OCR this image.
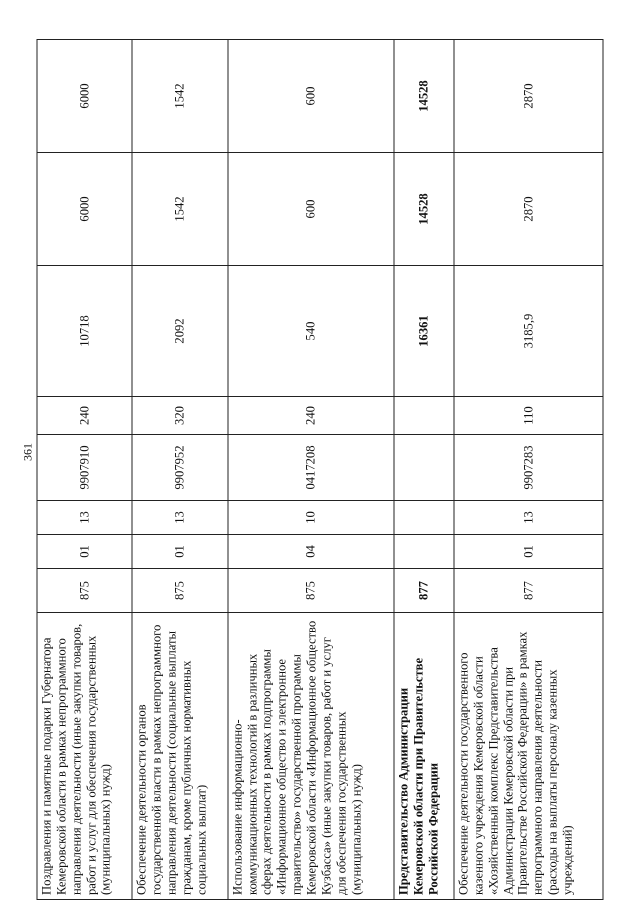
361
Поздравления и памятные подарки Губернатора Кемеровской области в рамках непрограммного направления деятельности (иные закупки товаров, работ и услуг для обеспечения государственных (муниципальных) нужд)	875	01	13	9907910	240	10718	6000	6000
Обеспечение деятельности органов государственной власти в рамках непрограммного направления деятельности (социальные выплаты гражданам, кроме публичных нормативных социальных выплат)	875	01	13	9907952	320	2092	1542	1542
Использование информационно-коммуникационных технологий в различных сферах деятельности в рамках подпрограммы «Информационное общество и электронное правительство» государственной программы Кемеровской области «Информационное общество Кузбасса» (иные закупки товаров, работ и услуг для обеспечения государственных (муниципальных) нужд)	875	04	10	0417208	240	540	600	600
Представительство Администрации Кемеровской области при Правительстве Российской Федерации	877					16361	14528	14528
Обеспечение деятельности государственного казенного учреждения Кемеровской области «Хозяйственный комплекс Представительства Администрации Кемеровской области при Правительстве Российской Федерации» в рамках непрограммного направления деятельности (расходы на выплаты персоналу казенных учреждений)	877	01	13	9907283	110	3185,9	2870	2870
